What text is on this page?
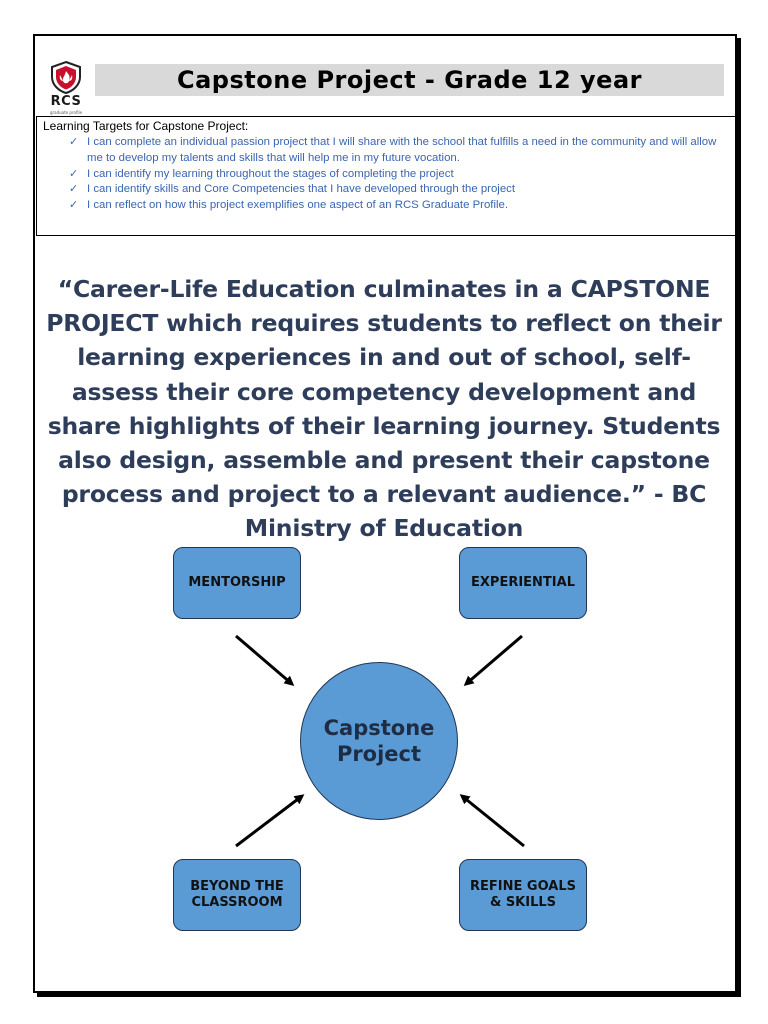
RCS
graduate profile
Capstone Project - Grade 12 year

Learning Targets for Capstone Project:

✓ I can complete an individual passion project that I will share with the school that fulfills a need in the community and will allow me to develop my talents and skills that will help me in my future vocation.
✓ I can identify my learning throughout the stages of completing the project
✓ I can identify skills and Core Competencies that I have developed through the project
✓ I can reflect on how this project exemplifies one aspect of an RCS Graduate Profile.
“Career-Life Education culminates in a CAPSTONE PROJECT which requires students to reflect on their learning experiences in and out of school, self-assess their core competency development and share highlights of their learning journey. Students also design, assemble and present their capstone process and project to a relevant audience.” - BC Ministry of Education
MENTORSHIP	EXPERIENTIAL
BEYOND THE
CLASSROOM
REFINE GOALS
& SKILLS
Capstone
Project
